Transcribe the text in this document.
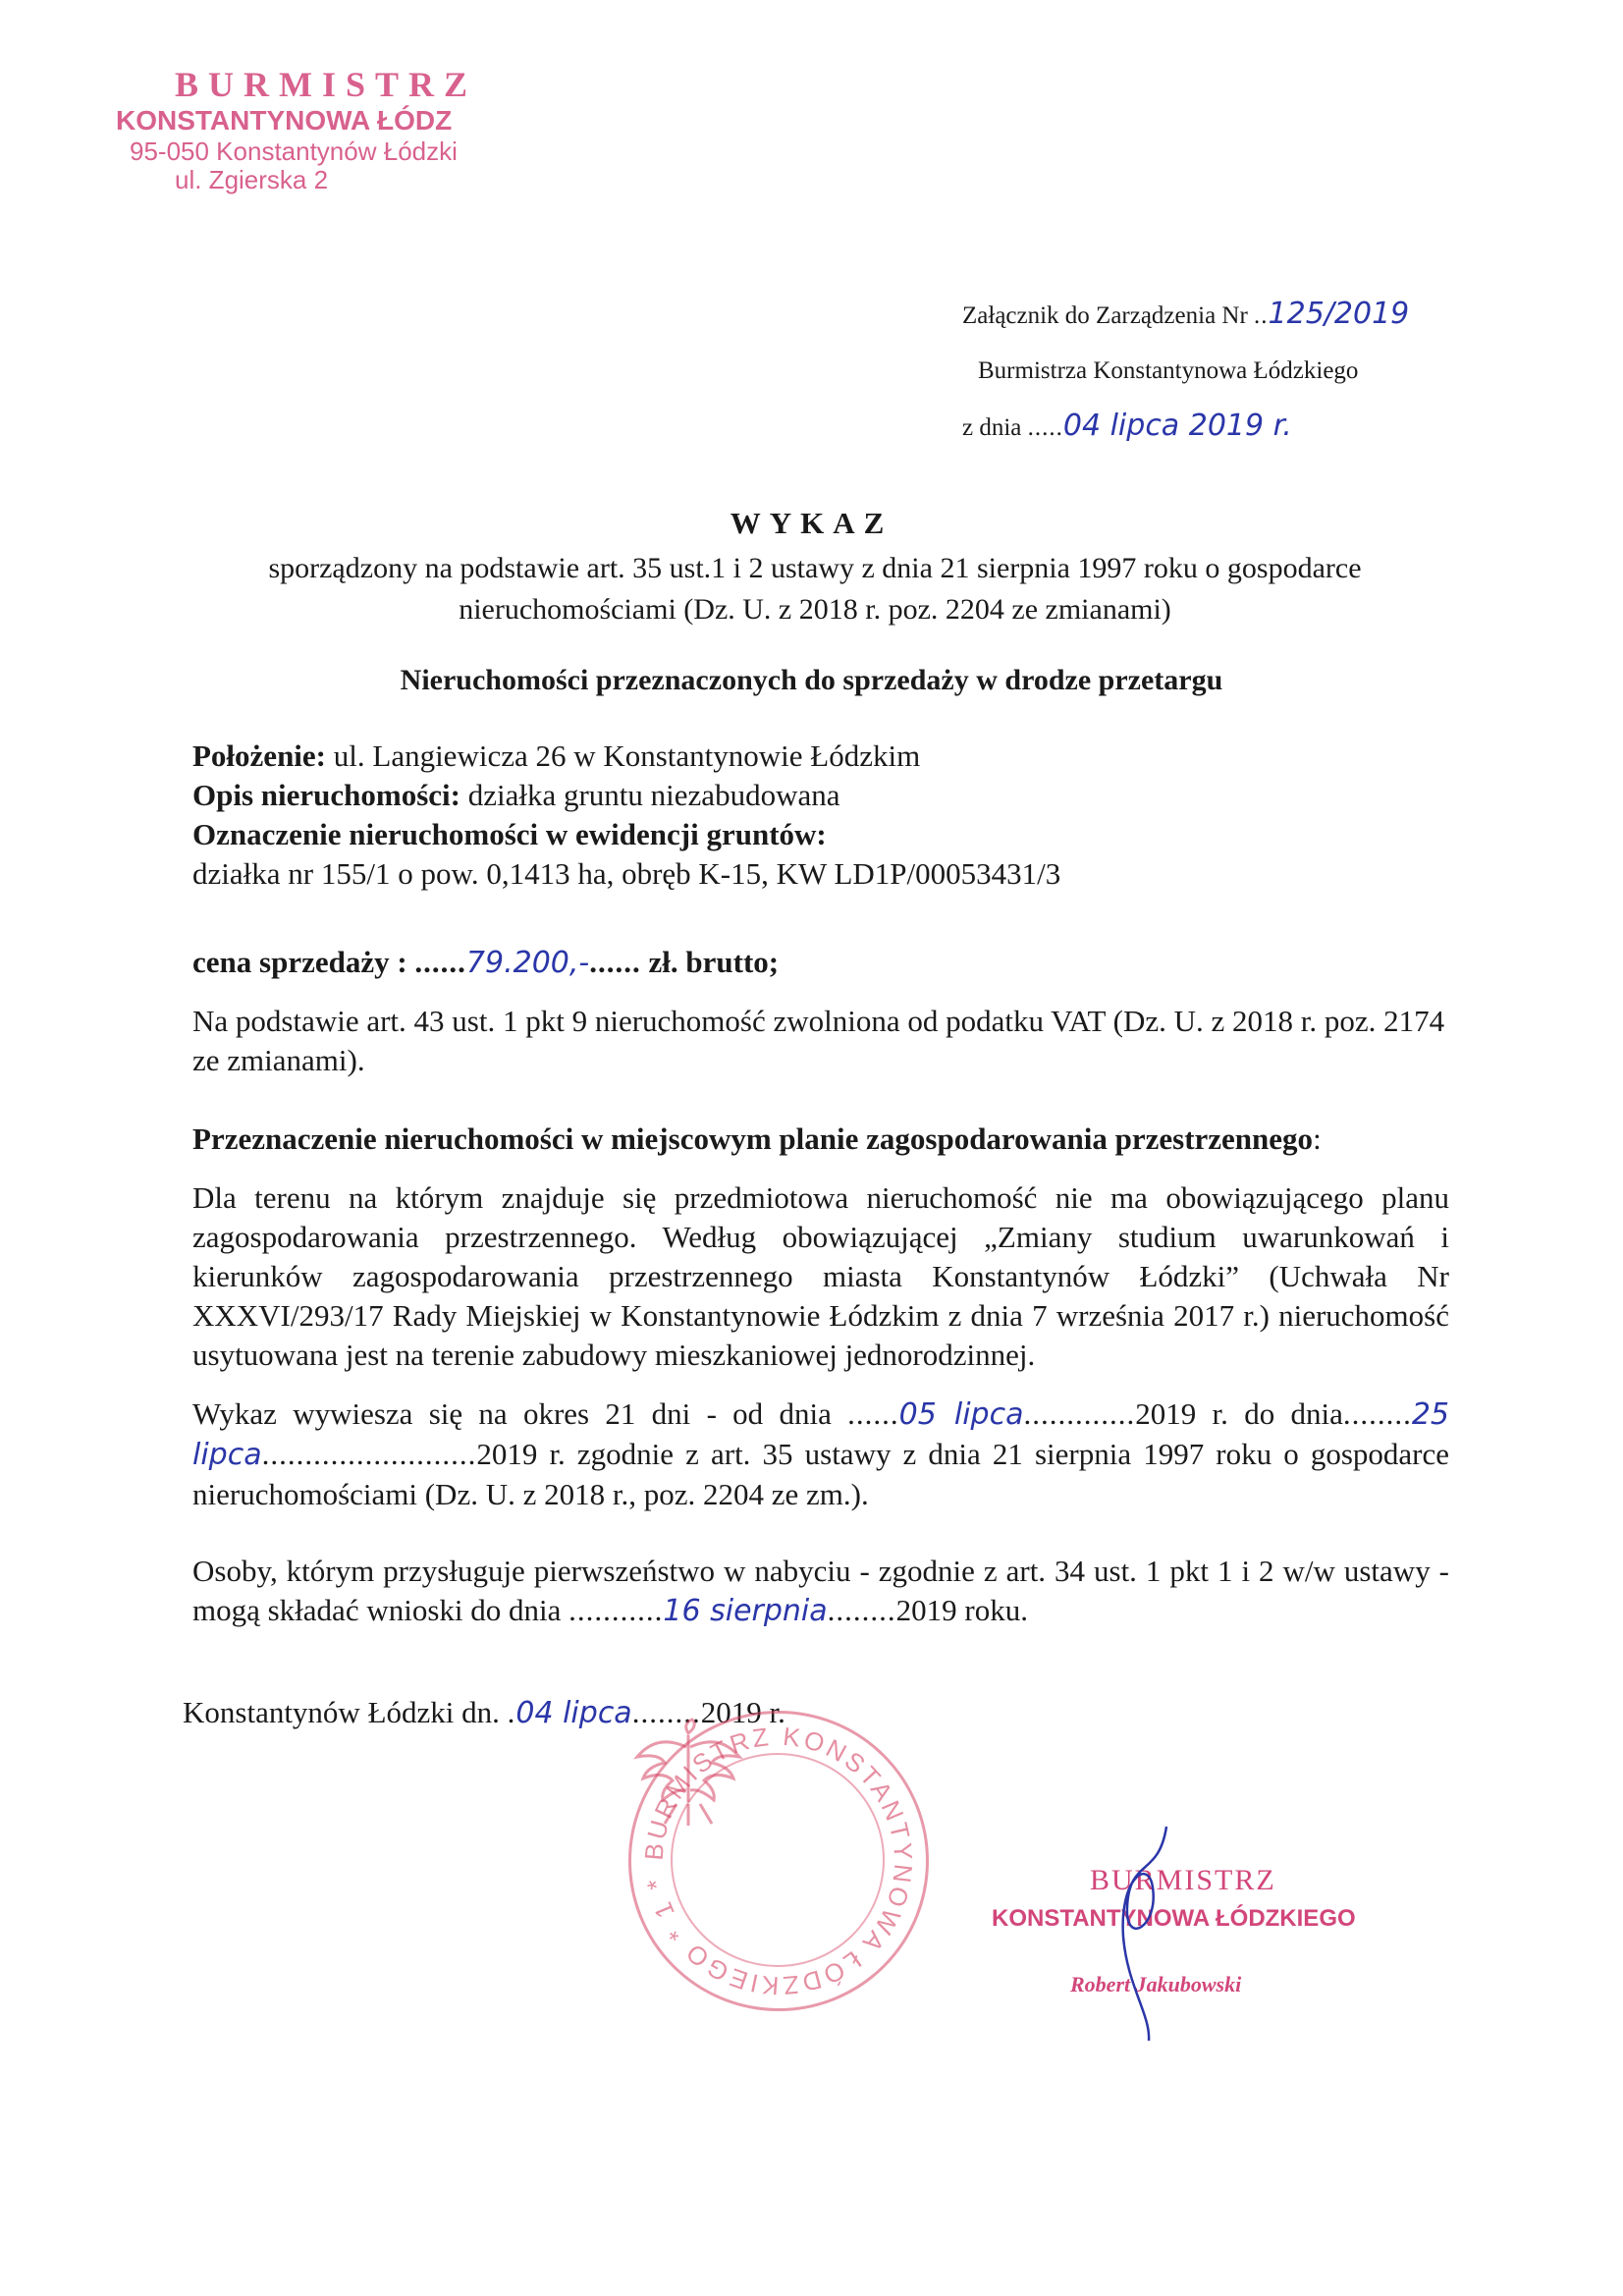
BURMISTRZ
KONSTANTYNOWA ŁÓDZ
95-050 Konstantynów Łódzki
ul. Zgierska 2
Załącznik do Zarządzenia Nr ..125/2019
Burmistrza Konstantynowa Łódzkiego
z dnia .....04 lipca 2019 r.
WYKAZ
sporządzony na podstawie art. 35 ust.1 i 2 ustawy z dnia 21 sierpnia 1997 roku o gospodarce nieruchomościami (Dz. U. z 2018 r. poz. 2204 ze zmianami)
Nieruchomości przeznaczonych do sprzedaży w drodze przetargu
Położenie: ul. Langiewicza 26 w Konstantynowie Łódzkim
Opis nieruchomości: działka gruntu niezabudowana
Oznaczenie nieruchomości w ewidencji gruntów:
działka nr 155/1 o pow. 0,1413 ha, obręb K-15, KW LD1P/00053431/3
cena sprzedaży : ......79.200,-...... zł. brutto;
Na podstawie art. 43 ust. 1 pkt 9 nieruchomość zwolniona od podatku VAT (Dz. U. z 2018 r. poz. 2174 ze zmianami).
Przeznaczenie nieruchomości w miejscowym planie zagospodarowania przestrzennego:
Dla terenu na którym znajduje się przedmiotowa nieruchomość nie ma obowiązującego planu zagospodarowania przestrzennego. Według obowiązującej „Zmiany studium uwarunkowań i kierunków zagospodarowania przestrzennego miasta Konstantynów Łódzki” (Uchwała Nr XXXVI/293/17 Rady Miejskiej w Konstantynowie Łódzkim z dnia 7 września 2017 r.) nieruchomość usytuowana jest na terenie zabudowy mieszkaniowej jednorodzinnej.
Wykaz wywiesza się na okres 21 dni - od dnia ......05 lipca.............2019 r. do dnia........25 lipca.........................2019 r. zgodnie z art. 35 ustawy z dnia 21 sierpnia 1997 roku o gospodarce nieruchomościami (Dz. U. z 2018 r., poz. 2204 ze zm.).
Osoby, którym przysługuje pierwszeństwo w nabyciu - zgodnie z art. 34 ust. 1 pkt 1 i 2 w/w ustawy - mogą składać wnioski do dnia ...........16 sierpnia........2019 roku.
Konstantynów Łódzki dn. .04 lipca........2019 r.
BURMISTRZ KONSTANTYNOWA ŁÓDZKIEGO * 1 *	BURMISTRZ
KONSTANTYNOWA ŁÓDZKIEGO
Robert Jakubowski
